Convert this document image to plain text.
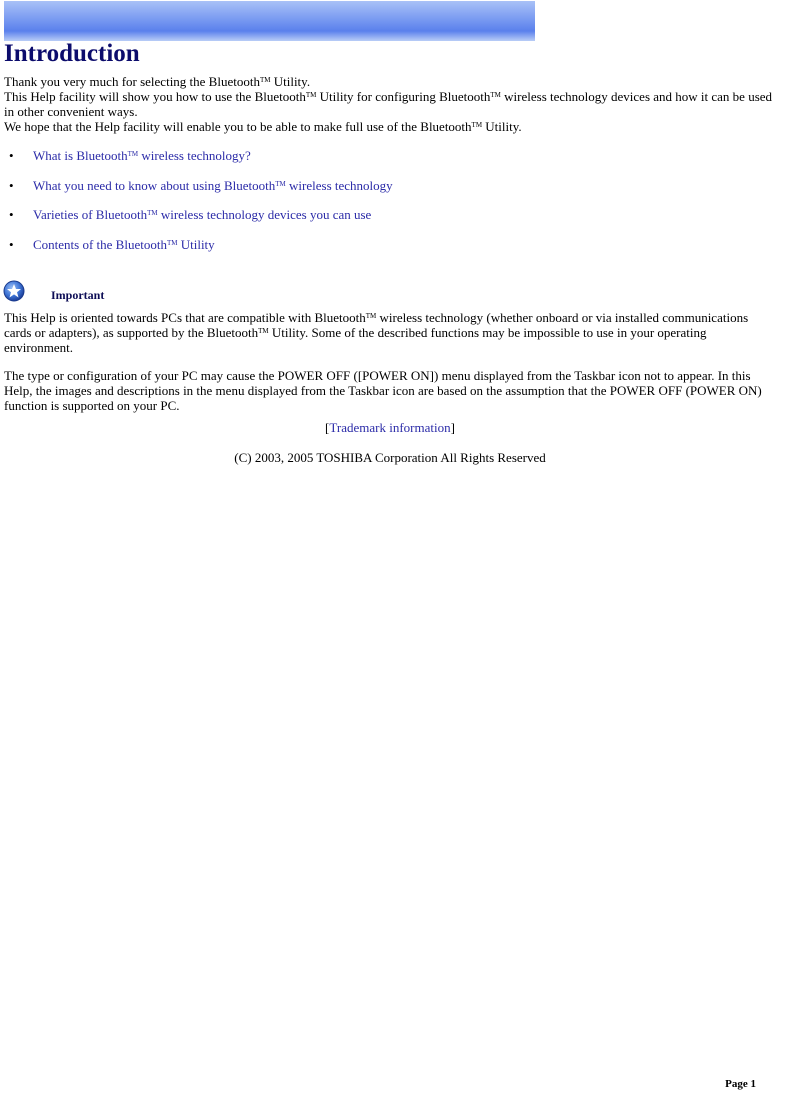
Introduction

Thank you very much for selecting the Bluetooth™ Utility.

This Help facility will show you how to use the Bluetooth™ Utility for configuring Bluetooth™ wireless technology devices and how it can be used in other convenient ways.

We hope that the Help facility will enable you to be able to make full use of the Bluetooth™ Utility.

• What is Bluetooth™ wireless technology?
• What you need to know about using Bluetooth™ wireless technology
• Varieties of Bluetooth™ wireless technology devices you can use
• Contents of the Bluetooth™ Utility
Important

This Help is oriented towards PCs that are compatible with Bluetooth™ wireless technology (whether onboard or via installed communications cards or adapters), as supported by the Bluetooth™ Utility. Some of the described functions may be impossible to use in your operating environment.

The type or configuration of your PC may cause the POWER OFF ([POWER ON]) menu displayed from the Taskbar icon not to appear. In this Help, the images and descriptions in the menu displayed from the Taskbar icon are based on the assumption that the POWER OFF (POWER ON) function is supported on your PC.

[Trademark information]
(C) 2003, 2005 TOSHIBA Corporation All Rights Reserved
Page 1
